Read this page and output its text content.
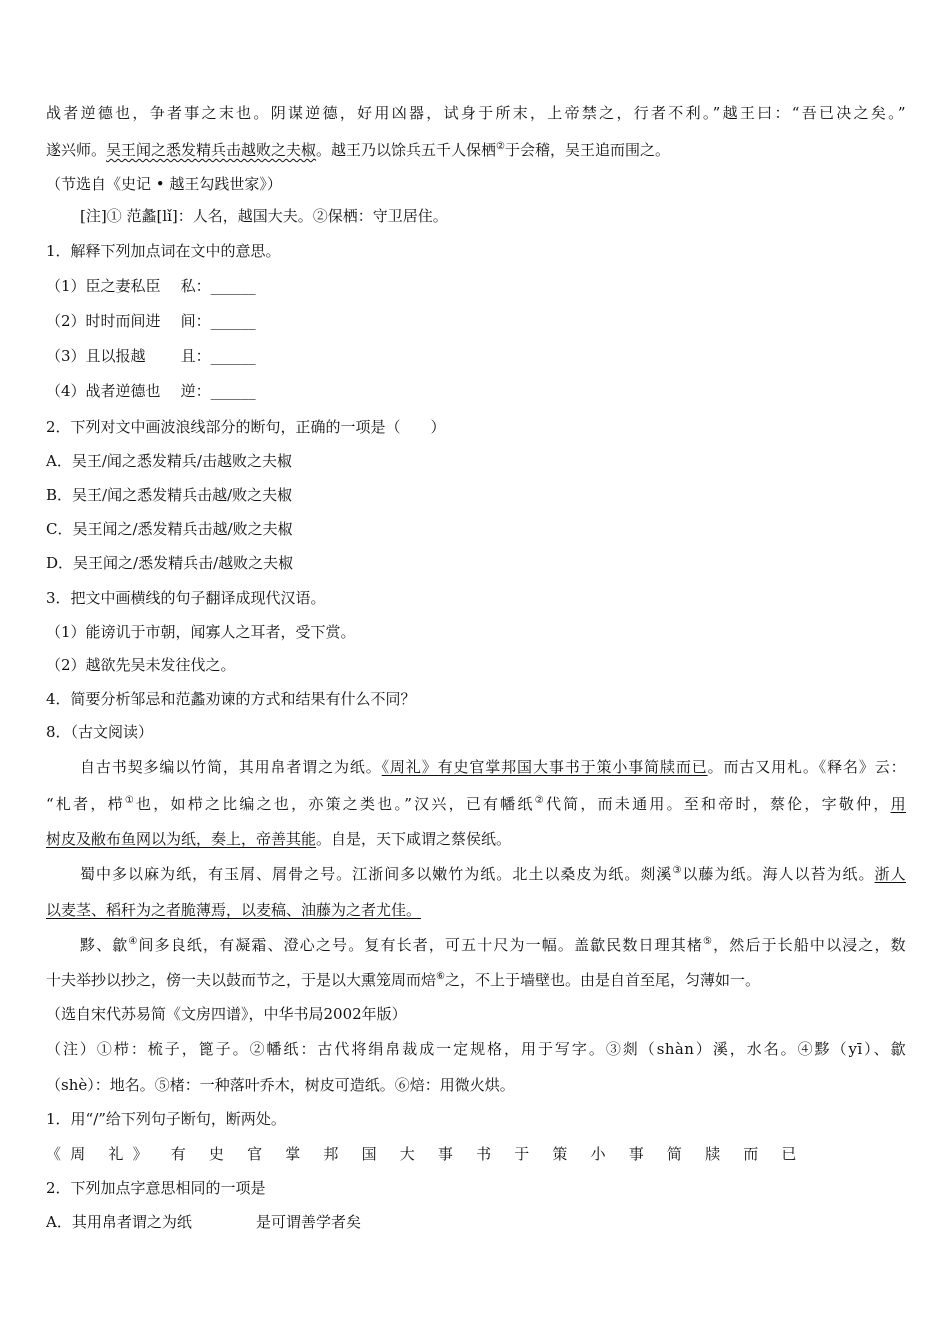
战者逆德也，争者事之末也。阴谋逆德，好用凶器，试身于所末，上帝禁之，行者不利。”越王曰：“吾已决之矣。”
遂兴师。吴王闻之悉发精兵击越败之夫椒。越王乃以馀兵五千人保栖②于会稽，吴王追而围之。
（节选自《史记 • 越王勾践世家》）
[注]① 范蠡[lǐ]：人名，越国大夫。②保栖：守卫居住。
1．解释下列加点词在文中的意思。
（1）臣之妻私臣 私：______
（2）时时而间进 间：______
（3）且以报越 且：______
（4）战者逆德也 逆：______
2．下列对文中画波浪线部分的断句，正确的一项是（　　）
A．吴王/闻之悉发精兵/击越败之夫椒
B．吴王/闻之悉发精兵击越/败之夫椒
C．吴王闻之/悉发精兵击越/败之夫椒
D．吴王闻之/悉发精兵击/越败之夫椒
3．把文中画横线的句子翻译成现代汉语。
（1）能谤讥于市朝，闻寡人之耳者，受下赏。
（2）越欲先吴未发往伐之。
4．简要分析邹忌和范蠡劝谏的方式和结果有什么不同？
8．（古文阅读）
自古书契多编以竹简，其用帛者谓之为纸。《周礼》有史官掌邦国大事书于策小事简牍而已。而古又用札。《释名》云：
“札者，栉①也，如栉之比编之也，亦策之类也。”汉兴，已有幡纸②代简，而未通用。至和帝时，蔡伦，字敬仲，用
树皮及敝布鱼网以为纸，奏上，帝善其能。自是，天下咸谓之蔡侯纸。
蜀中多以麻为纸，有玉屑、屑骨之号。江浙间多以嫩竹为纸。北土以桑皮为纸。剡溪③以藤为纸。海人以苔为纸。浙人
以麦茎、稻秆为之者脆薄焉，以麦稿、油藤为之者尤佳。
黟、歙④间多良纸，有凝霜、澄心之号。复有长者，可五十尺为一幅。盖歙民数日理其楮⑤，然后于长船中以浸之，数
十夫举抄以抄之，傍一夫以鼓而节之，于是以大熏笼周而焙⑥之，不上于墙壁也。由是自首至尾，匀薄如一。
（选自宋代苏易简《文房四谱》，中华书局2002年版）
（注）①栉：梳子，篦子。②幡纸：古代将绢帛裁成一定规格，用于写字。③剡（shàn）溪，水名。④黟（yī）、歙
（shè）：地名。⑤楮：一种落叶乔木，树皮可造纸。⑥焙：用微火烘。
1．用“/”给下列句子断句，断两处。
《周 礼》 有 史 官 掌 邦 国 大 事 书 于 策 小 事 简 牍 而 已
2．下列加点字意思相同的一项是
A．其用帛者谓之为纸	是可谓善学者矣
